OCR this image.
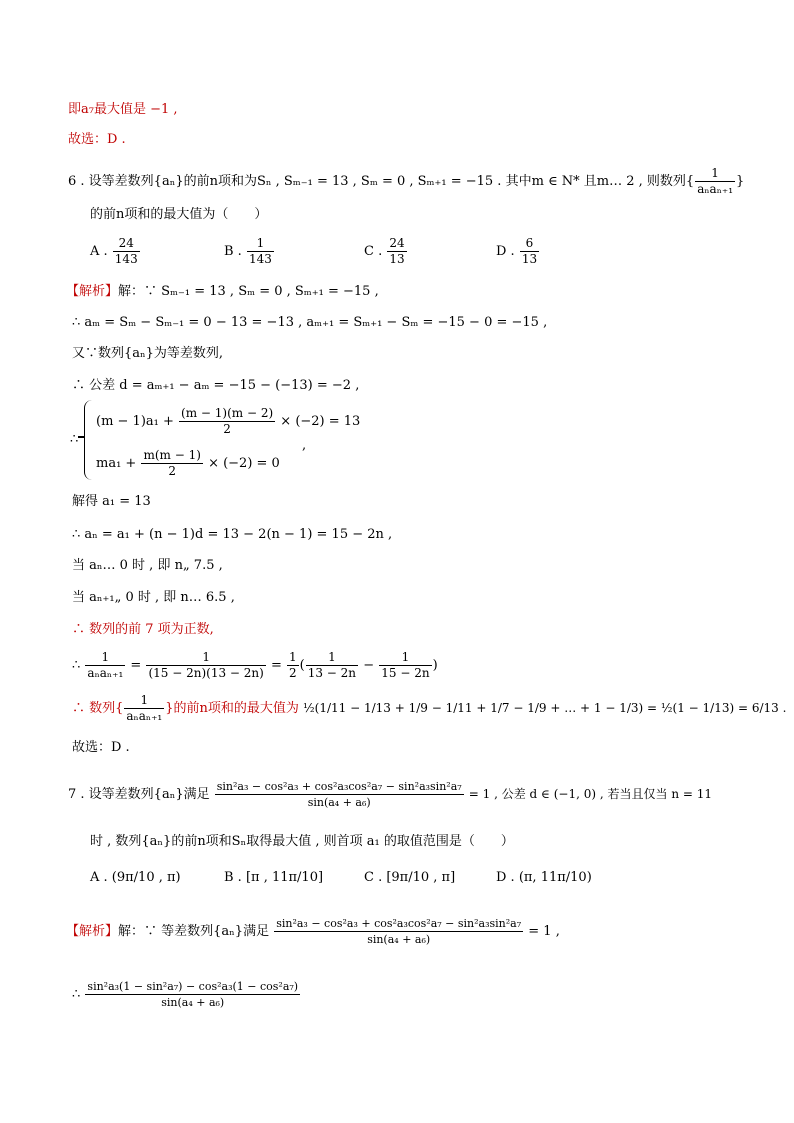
即a₇最大值是 −1 ,
故选：D .
6 . 设等差数列{aₙ}的前n项和为Sₙ , Sₘ₋₁ = 13 , Sₘ = 0 , Sₘ₊₁ = −15 . 其中m ∈ N* 且m… 2 , 则数列{ $\frac{1}{\text{aₙaₙ₊₁}}$ }
的前n项和的最大值为（　　）
A . $\frac{24}{143}$	B . $\frac{1}{143}$	C . $\frac{24}{13}$	D . $\frac{6}{13}$
【解析】解：∵ Sₘ₋₁ = 13 , Sₘ = 0 , Sₘ₊₁ = −15 ,
∴ aₘ = Sₘ − Sₘ₋₁ = 0 − 13 = −13 , aₘ₊₁ = Sₘ₊₁ − Sₘ = −15 − 0 = −15 ,
又∵数列{aₙ}为等差数列,
∴ 公差 d = aₘ₊₁ − aₘ = −15 − (−13) = −2 ,
∴
$(m - 1)a_1 + \frac{(m - 1)(m - 2)}{2} \times (-2) = 13$
$ma_1 + \frac{m(m - 1)}{2} \times (-2) = 0$
,
解得 a₁ = 13
∴ aₙ = a₁ + (n − 1)d = 13 − 2(n − 1) = 15 − 2n ,
当 aₙ… 0 时 , 即 n„ 7.5 ,
当 aₙ₊₁„ 0 时 , 即 n… 6.5 ,
∴ 数列的前 7 项为正数,
∴ $\frac{1}{\text{aₙaₙ₊₁}} = \frac{1}{(15 - 2n)(13 - 2n)} = \frac{1}{2}$ ( $\frac{1}{13 - 2n} - \frac{1}{15 - 2n}$ )
∴ 数列{ $\frac{1}{\text{aₙaₙ₊₁}}$ }的前n项和的最大值为 ½(1/11 − 1/13 + 1/9 − 1/11 + 1/7 − 1/9 + … + 1 − 1/3) = ½(1 − 1/13) = 6/13 .
故选：D .
7 . 设等差数列{aₙ}满足 $\frac{\text{sin²a₃ − cos²a₃ + cos²a₃cos²a₇ − sin²a₃sin²a₇}}{\text{sin(a₄ + a₆)}} = 1$ , 公差 d ∈ (−1, 0) , 若当且仅当 n = 11
时 , 数列{aₙ}的前n项和Sₙ取得最大值 , 则首项 a₁ 的取值范围是（　　）
A . (9π/10 , π)	B . [π , 11π/10]	C . [9π/10 , π]	D . (π, 11π/10)
【解析】解：∵ 等差数列{aₙ}满足 $\frac{\text{sin²a₃ − cos²a₃ + cos²a₃cos²a₇ − sin²a₃sin²a₇}}{\text{sin(a₄ + a₆)}} = 1$ ,
∴ $\frac{\text{sin²a₃(1 − sin²a₇) − cos²a₃(1 − cos²a₇)}}{\text{sin(a₄ + a₆)}}$
